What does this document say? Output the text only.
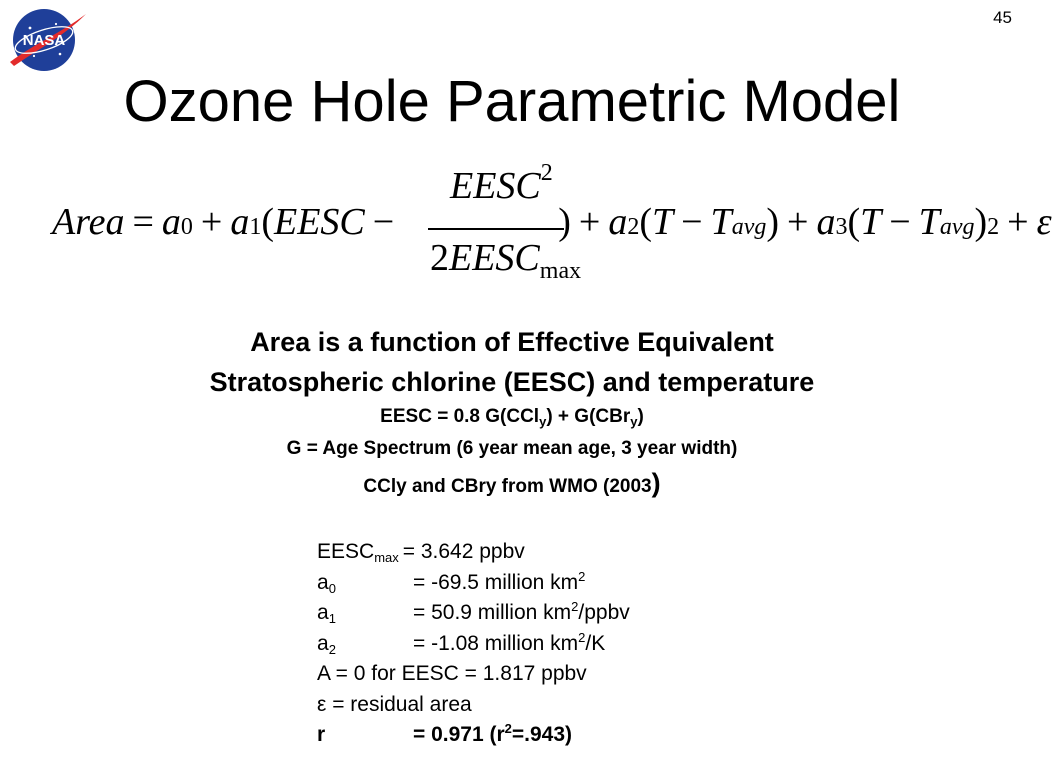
45
NASA
Ozone Hole Parametric Model
EESC$^2$
$2EESC_{max}$
Area = a 0 + a 1 ( EESC −	) + a 2 ( T − T avg ) + a 3 ( T − T avg ) 2 + ε
Area is a function of Effective Equivalent
Stratospheric chlorine (EESC) and temperature
EESC = 0.8 G(CCl$_y$) + G(CBr$_y$)
G = Age Spectrum (6 year mean age, 3 year width)
CCly and CBry from WMO (2003)
$EESC_{max} = 3.642$ ppbv
$a_0$	= -69.5 million $km^2$
$a_1$	= 50.9 million $km^2$/ppbv
$a_2$	= -1.08 million $km^2/K$
A = 0 for EESC = 1.817 ppbv
ε = residual area
r	= 0.971 $(r^2=.943)$
